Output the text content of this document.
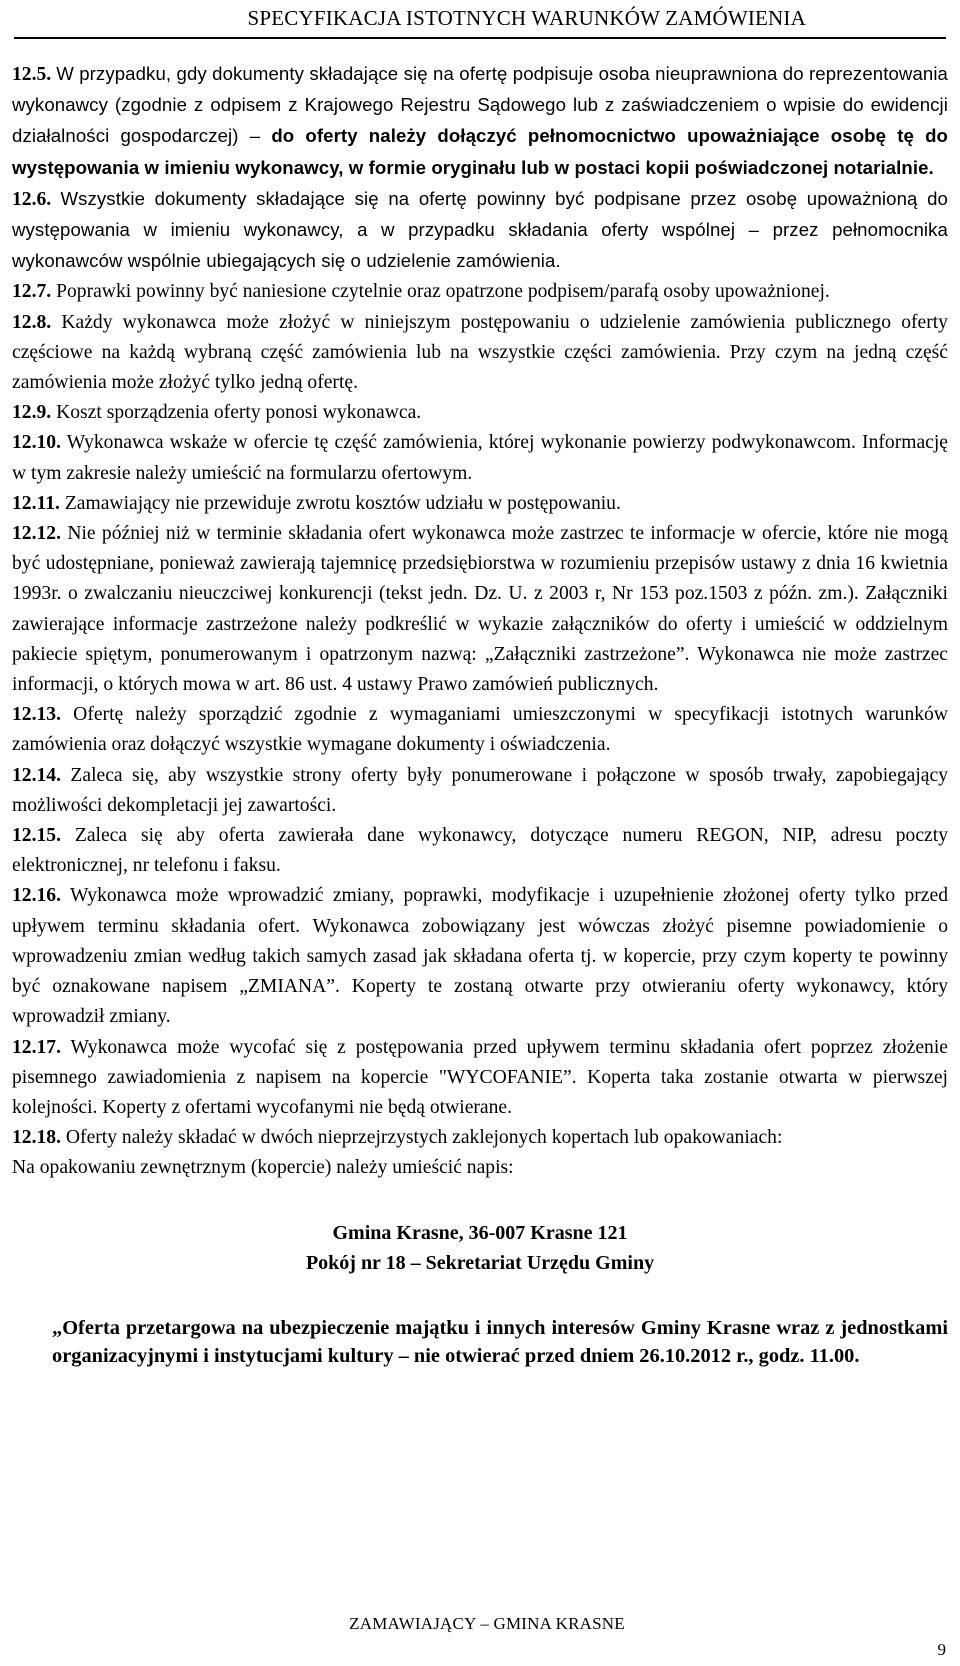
SPECYFIKACJA ISTOTNYCH WARUNKÓW ZAMÓWIENIA

12.5. W przypadku, gdy dokumenty składające się na ofertę podpisuje osoba nieuprawniona do reprezentowania wykonawcy (zgodnie z odpisem z Krajowego Rejestru Sądowego lub z zaświadczeniem o wpisie do ewidencji działalności gospodarczej) – do oferty należy dołączyć pełnomocnictwo upoważniające osobę tę do występowania w imieniu wykonawcy, w formie oryginału lub w postaci kopii poświadczonej notarialnie.

12.6. Wszystkie dokumenty składające się na ofertę powinny być podpisane przez osobę upoważnioną do występowania w imieniu wykonawcy, a w przypadku składania oferty wspólnej – przez pełnomocnika wykonawców wspólnie ubiegających się o udzielenie zamówienia.

12.7. Poprawki powinny być naniesione czytelnie oraz opatrzone podpisem/parafą osoby upoważnionej.

12.8. Każdy wykonawca może złożyć w niniejszym postępowaniu o udzielenie zamówienia publicznego oferty częściowe na każdą wybraną część zamówienia lub na wszystkie części zamówienia. Przy czym na jedną część zamówienia może złożyć tylko jedną ofertę.

12.9. Koszt sporządzenia oferty ponosi wykonawca.

12.10. Wykonawca wskaże w ofercie tę część zamówienia, której wykonanie powierzy podwykonawcom. Informację w tym zakresie należy umieścić na formularzu ofertowym.

12.11. Zamawiający nie przewiduje zwrotu kosztów udziału w postępowaniu.

12.12. Nie później niż w terminie składania ofert wykonawca może zastrzec te informacje w ofercie, które nie mogą być udostępniane, ponieważ zawierają tajemnicę przedsiębiorstwa w rozumieniu przepisów ustawy z dnia 16 kwietnia 1993r. o zwalczaniu nieuczciwej konkurencji (tekst jedn. Dz. U. z 2003 r, Nr 153 poz.1503 z późn. zm.). Załączniki zawierające informacje zastrzeżone należy podkreślić w wykazie załączników do oferty i umieścić w oddzielnym pakiecie spiętym, ponumerowanym i opatrzonym nazwą: „Załączniki zastrzeżone”. Wykonawca nie może zastrzec informacji, o których mowa w art. 86 ust. 4 ustawy Prawo zamówień publicznych.

12.13. Ofertę należy sporządzić zgodnie z wymaganiami umieszczonymi w specyfikacji istotnych warunków zamówienia oraz dołączyć wszystkie wymagane dokumenty i oświadczenia.

12.14. Zaleca się, aby wszystkie strony oferty były ponumerowane i połączone w sposób trwały, zapobiegający możliwości dekompletacji jej zawartości.

12.15. Zaleca się aby oferta zawierała dane wykonawcy, dotyczące numeru REGON, NIP, adresu poczty elektronicznej, nr telefonu i faksu.

12.16. Wykonawca może wprowadzić zmiany, poprawki, modyfikacje i uzupełnienie złożonej oferty tylko przed upływem terminu składania ofert. Wykonawca zobowiązany jest wówczas złożyć pisemne powiadomienie o wprowadzeniu zmian według takich samych zasad jak składana oferta tj. w kopercie, przy czym koperty te powinny być oznakowane napisem „ZMIANA”. Koperty te zostaną otwarte przy otwieraniu oferty wykonawcy, który wprowadził zmiany.

12.17. Wykonawca może wycofać się z postępowania przed upływem terminu składania ofert poprzez złożenie pisemnego zawiadomienia z napisem na kopercie "WYCOFANIE”. Koperta taka zostanie otwarta w pierwszej kolejności. Koperty z ofertami wycofanymi nie będą otwierane.

12.18. Oferty należy składać w dwóch nieprzejrzystych zaklejonych kopertach lub opakowaniach:

Na opakowaniu zewnętrznym (kopercie) należy umieścić napis:

Gmina Krasne, 36-007 Krasne 121
Pokój nr 18 – Sekretariat Urzędu Gminy
„Oferta przetargowa na ubezpieczenie majątku i innych interesów Gminy Krasne wraz z jednostkami organizacyjnymi i instytucjami kultury – nie otwierać przed dniem 26.10.2012 r., godz. 11.00.
ZAMAWIAJĄCY – GMINA KRASNE
9
